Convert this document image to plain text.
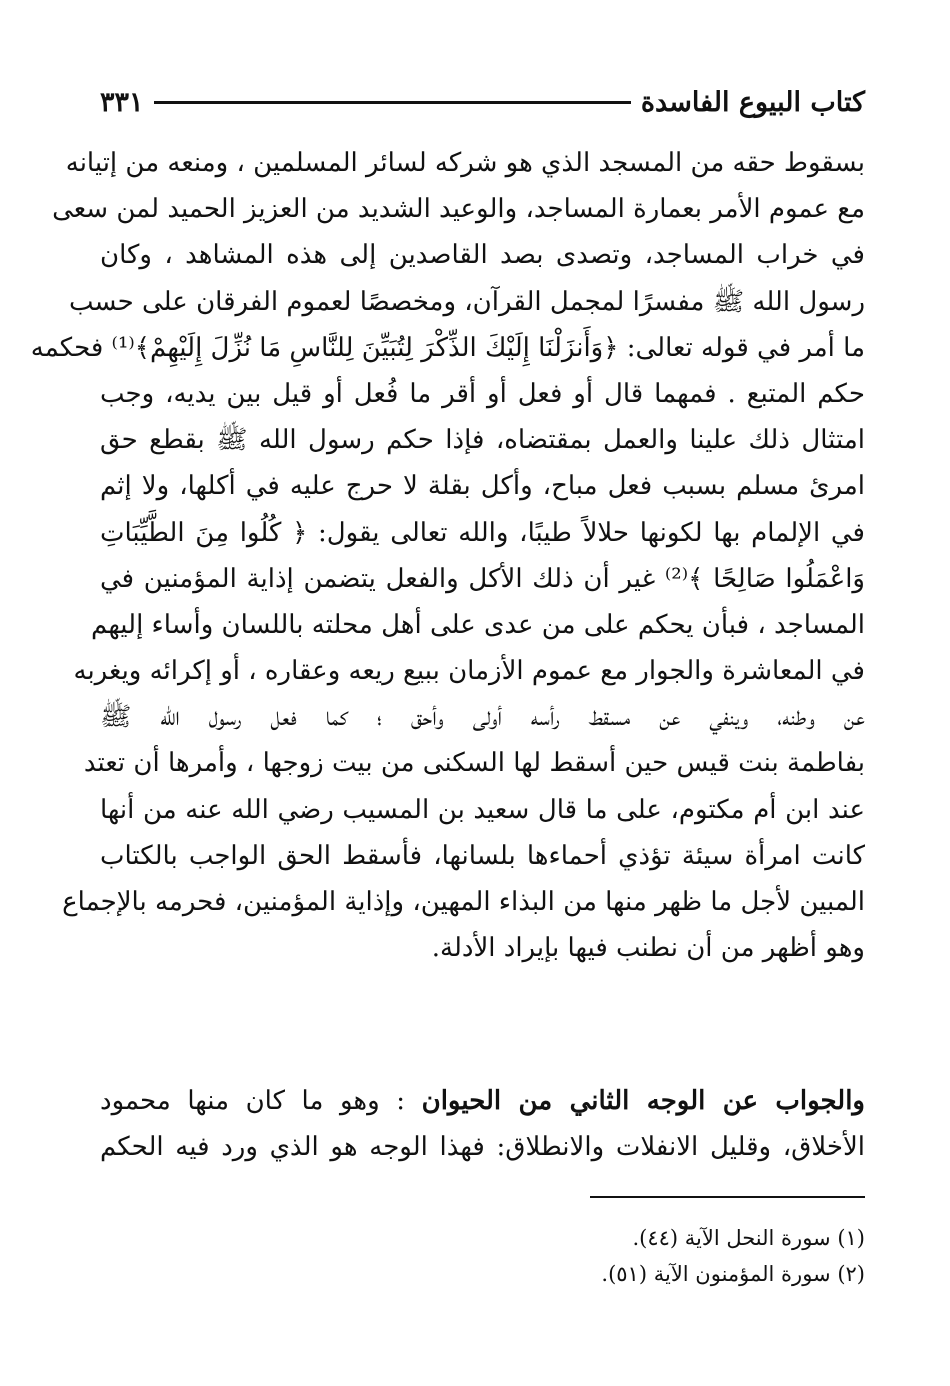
كتاب البيوع الفاسدة
٣٣١
بسقوط حقه من المسجد الذي هو شركه لسائر المسلمين ، ومنعه من إتيانه
مع عموم الأمر بعمارة المساجد، والوعيد الشديد من العزيز الحميد لمن سعى
في خراب المساجد، وتصدى بصد القاصدين إلى هذه المشاهد ، وكان
رسول الله ﷺ مفسرًا لمجمل القرآن، ومخصصًا لعموم الفرقان على حسب
ما أمر في قوله تعالى: ﴿وَأَنزَلْنَا إِلَيْكَ الذِّكْرَ لِتُبَيِّنَ لِلنَّاسِ مَا نُزِّلَ إِلَيْهِمْ﴾⁽¹⁾ فحكمه
حكم المتبع . فمهما قال أو فعل أو أقر ما فُعل أو قيل بين يديه، وجب
امتثال ذلك علينا والعمل بمقتضاه، فإذا حكم رسول الله ﷺ بقطع حق
امرئ مسلم بسبب فعل مباح، وأكل بقلة لا حرج عليه في أكلها، ولا إثم
في الإلمام بها لكونها حلالاً طيبًا، والله تعالى يقول: ﴿ كُلُوا مِنَ الطَّيِّبَاتِ
وَاعْمَلُوا صَالِحًا ﴾⁽²⁾ غير أن ذلك الأكل والفعل يتضمن إذاية المؤمنين في
المساجد ، فبأن يحكم على من عدى على أهل محلته باللسان وأساء إليهم
في المعاشرة والجوار مع عموم الأزمان ببيع ريعه وعقاره ، أو إكرائه ويغربه
عن وطنه، وينفي عن مسقط رأسه أولى وأحق ؛ كما فعل رسول الله ﷺ
بفاطمة بنت قيس حين أسقط لها السكنى من بيت زوجها ، وأمرها أن تعتد
عند ابن أم مكتوم، على ما قال سعيد بن المسيب رضي الله عنه من أنها
كانت امرأة سيئة تؤذي أحماءها بلسانها، فأسقط الحق الواجب بالكتاب
المبين لأجل ما ظهر منها من البذاء المهين، وإذاية المؤمنين، فحرمه بالإجماع
وهو أظهر من أن نطنب فيها بإيراد الأدلة.
والجواب عن الوجه الثاني من الحيوان : وهو ما كان منها محمود
الأخلاق، وقليل الانفلات والانطلاق: فهذا الوجه هو الذي ورد فيه الحكم
(١) سورة النحل الآية (٤٤).
(٢) سورة المؤمنون الآية (٥١).
